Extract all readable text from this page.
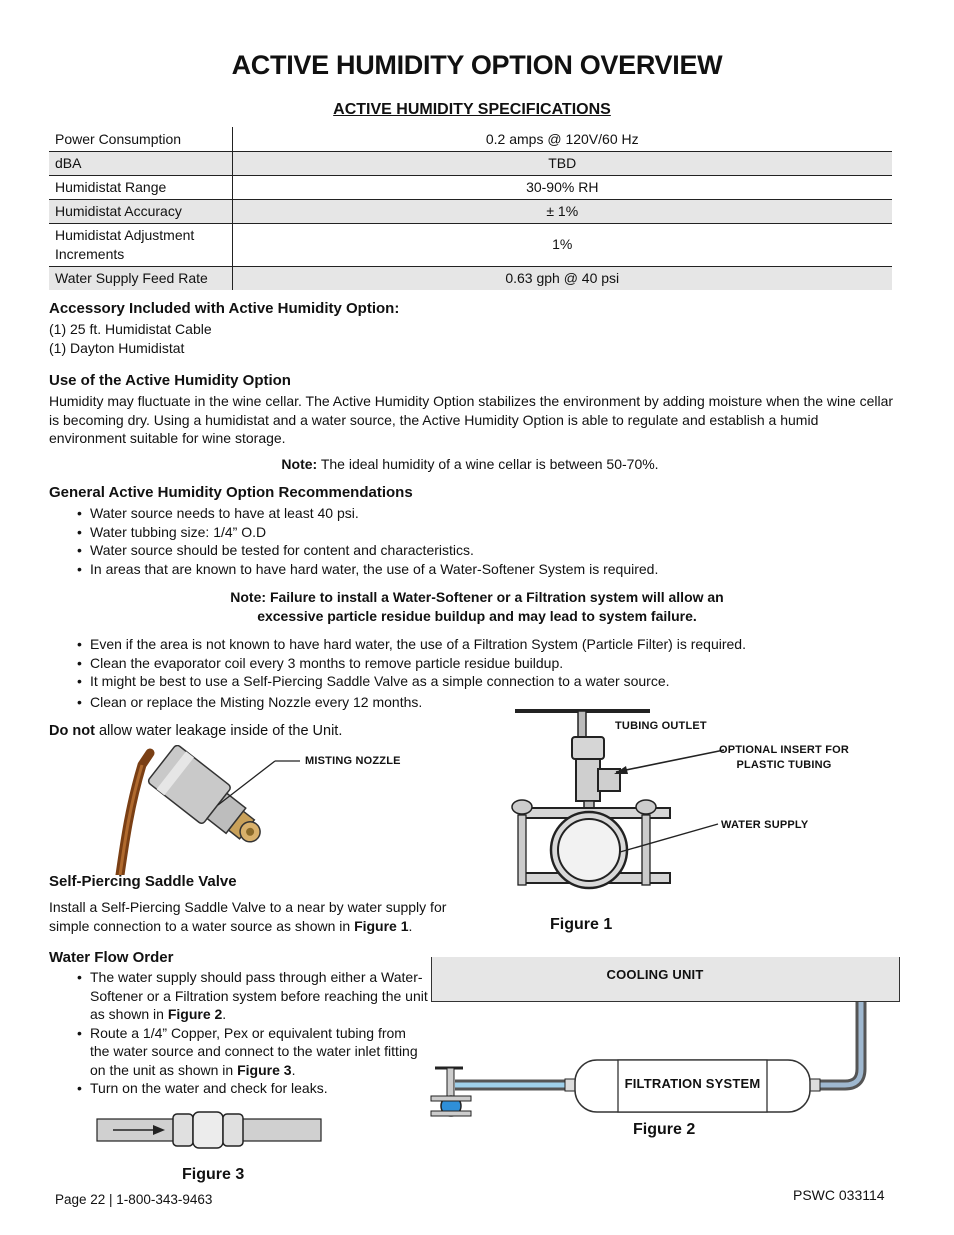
ACTIVE HUMIDITY OPTION OVERVIEW
ACTIVE HUMIDITY SPECIFICATIONS
Power Consumption	0.2 amps @ 120V/60 Hz
dBA	TBD
Humidistat Range	30-90% RH
Humidistat Accuracy	± 1%
Humidistat Adjustment Increments	1%
Water Supply Feed Rate	0.63 gph @ 40 psi
Accessory Included with Active Humidity Option:
(1) 25 ft. Humidistat Cable
(1) Dayton Humidistat
Use of the Active Humidity Option
Humidity may fluctuate in the wine cellar. The Active Humidity Option stabilizes the environment by adding moisture when the wine cellar is becoming dry. Using a humidistat and a water source, the Active Humidity Option is able to regulate and establish a humid environment suitable for wine storage.
Note: The ideal humidity of a wine cellar is between 50-70%.
General Active Humidity Option Recommendations
• Water source needs to have at least 40 psi.
• Water tubbing size: 1/4” O.D
• Water source should be tested for content and characteristics.
• In areas that are known to have hard water, the use of a Water-Softener System is required.
Note: Failure to install a Water-Softener or a Filtration system will allow an
excessive particle residue buildup and may lead to system failure.
• Even if the area is not known to have hard water, the use of a Filtration System (Particle Filter) is required.
• Clean the evaporator coil every 3 months to remove particle residue buildup.
• It might be best to use a Self-Piercing Saddle Valve as a simple connection to a water source.
• Clean or replace the Misting Nozzle every 12 months.
Do not allow water leakage inside of the Unit.
MISTING NOZZLE
TUBING OUTLET
OPTIONAL INSERT FOR
PLASTIC TUBING
WATER SUPPLY
Figure 1
Self-Piercing Saddle Valve
Install a Self-Piercing Saddle Valve to a near by water supply for simple connection to a water source as shown in Figure 1.
Water Flow Order
• The water supply should pass through either a Water-Softener or a Filtration system before reaching the unit as shown in Figure 2.
• Route a 1/4” Copper, Pex or equivalent tubing from the water source and connect to the water inlet fitting on the unit as shown in Figure 3.
• Turn on the water and check for leaks.
Figure 3
COOLING UNIT
FILTRATION SYSTEM
Figure 2
Page 22 | 1-800-343-9463	PSWC 033114
